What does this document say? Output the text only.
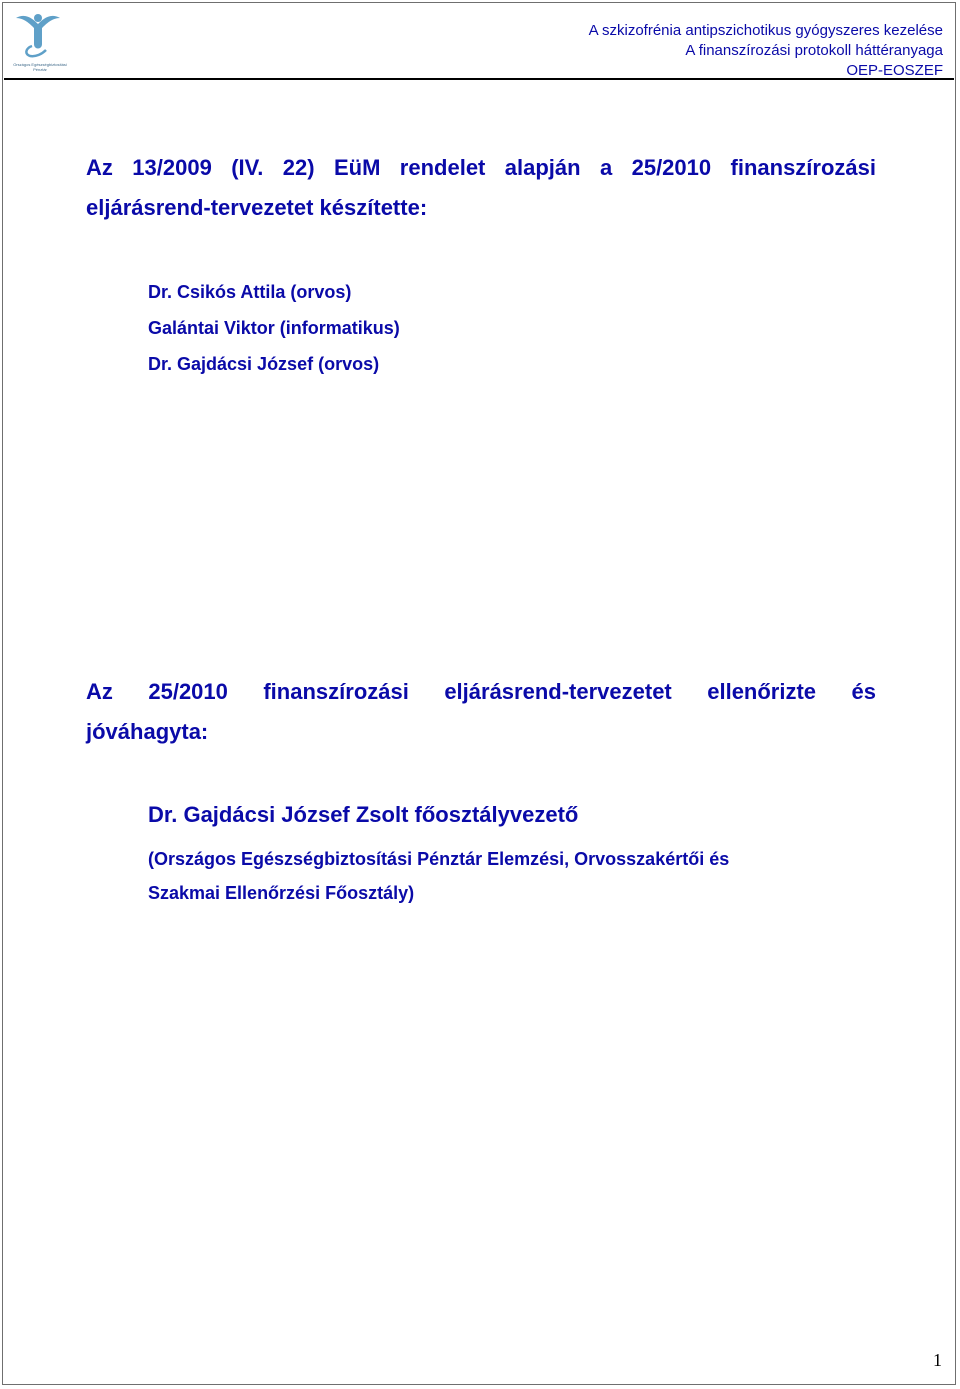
Országos Egészségbiztosítási Pénztár
A szkizofrénia antipszichotikus gyógyszeres kezelése
A finanszírozási protokoll háttéranyaga
OEP-EOSZEF
Az 13/2009 (IV. 22) EüM rendelet alapján a 25/2010 finanszírozási eljárásrend-tervezetet készítette:
Dr. Csikós Attila (orvos)
Galántai Viktor (informatikus)
Dr. Gajdácsi József (orvos)
Az 25/2010 finanszírozási eljárásrend-tervezetet ellenőrizte és
jóváhagyta:
Dr. Gajdácsi József Zsolt főosztályvezető
(Országos Egészségbiztosítási Pénztár Elemzési, Orvosszakértői és
Szakmai Ellenőrzési Főosztály)
1
